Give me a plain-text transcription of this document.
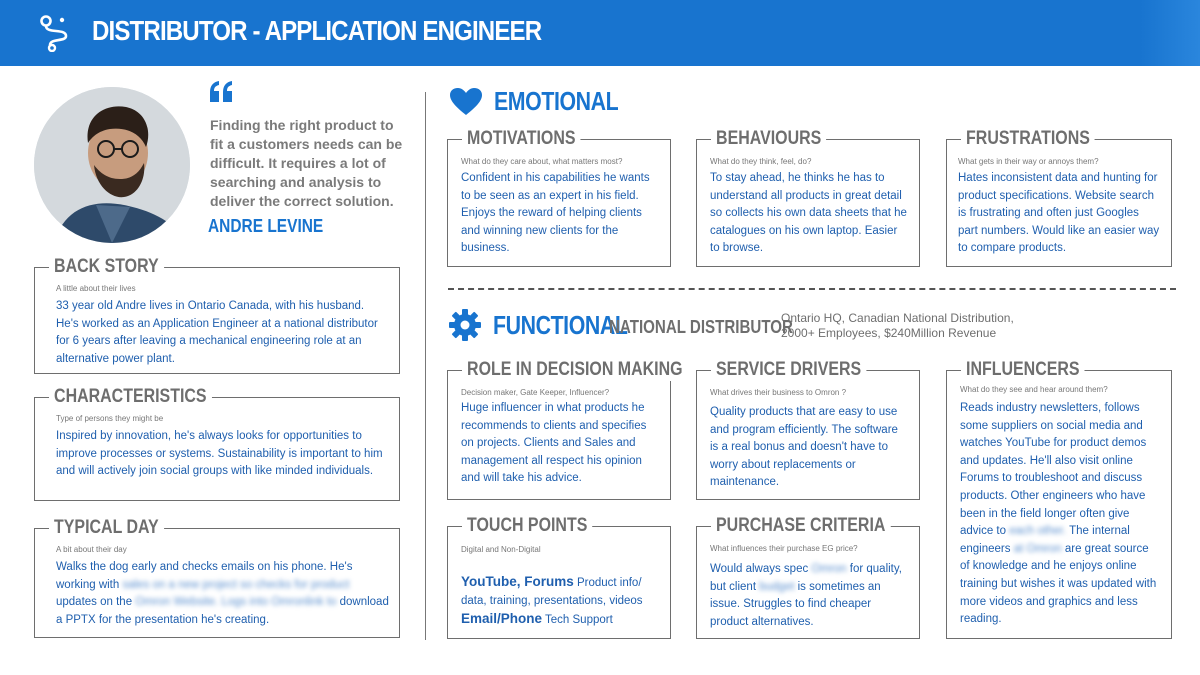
DISTRIBUTOR - APPLICATION ENGINEER
Finding the right product to fit a customers needs can be difficult. It requires a lot of searching and analysis to deliver the correct solution.
ANDRE LEVINE
BACK STORY
A little about their lives
33 year old Andre lives in Ontario Canada, with his husband. He's worked as an Application Engineer at a national distributor for 6 years after leaving a mechanical engineering role at an alternative power plant.
CHARACTERISTICS
Type of persons they might be
Inspired by innovation, he's always looks for opportunities to improve processes or systems. Sustainability is important to him and will actively join social groups with like minded individuals.
TYPICAL DAY
A bit about their day
Walks the dog early and checks emails on his phone. He's working with sales on a new project so checks for product updates on the Omron Website. Logs into Omronlink to download a PPTX for the presentation he's creating.
EMOTIONAL
MOTIVATIONS
What do they care about, what matters most?
Confident in his capabilities he wants to be seen as an expert in his field. Enjoys the reward of helping clients and winning new clients for the business.
BEHAVIOURS
What do they think, feel, do?
To stay ahead, he thinks he has to understand all products in great detail so collects his own data sheets that he catalogues on his own laptop. Easier to browse.
FRUSTRATIONS
What gets in their way or annoys them?
Hates inconsistent data and hunting for product specifications. Website search is frustrating and often just Googles part numbers. Would like an easier way to compare products.
FUNCTIONAL
NATIONAL DISTRIBUTOR
Ontario HQ, Canadian National Distribution,
2000+ Employees, $240Million Revenue
ROLE IN DECISION MAKING
Decision maker, Gate Keeper, Influencer?
Huge influencer in what products he recommends to clients and specifies on projects. Clients and Sales and management all respect his opinion and will take his advice.
SERVICE DRIVERS
What drives their business to Omron ?
Quality products that are easy to use and program efficiently. The software is a real bonus and doesn't have to worry about replacements or maintenance.
INFLUENCERS
What do they see and hear around them?
Reads industry newsletters, follows some suppliers on social media and watches YouTube for product demos and updates. He'll also visit online Forums to troubleshoot and discuss products. Other engineers who have been in the field longer often give advice to each other. The internal engineers at Omron are great source of knowledge and he enjoys online training but wishes it was updated with more videos and graphics and less reading.
TOUCH POINTS
Digital and Non-Digital
YouTube, Forums Product info/
data, training, presentations, videos
Email/Phone Tech Support
PURCHASE CRITERIA
What influences their purchase EG price?
Would always spec Omron for quality, but client budget is sometimes an issue. Struggles to find cheaper product alternatives.
